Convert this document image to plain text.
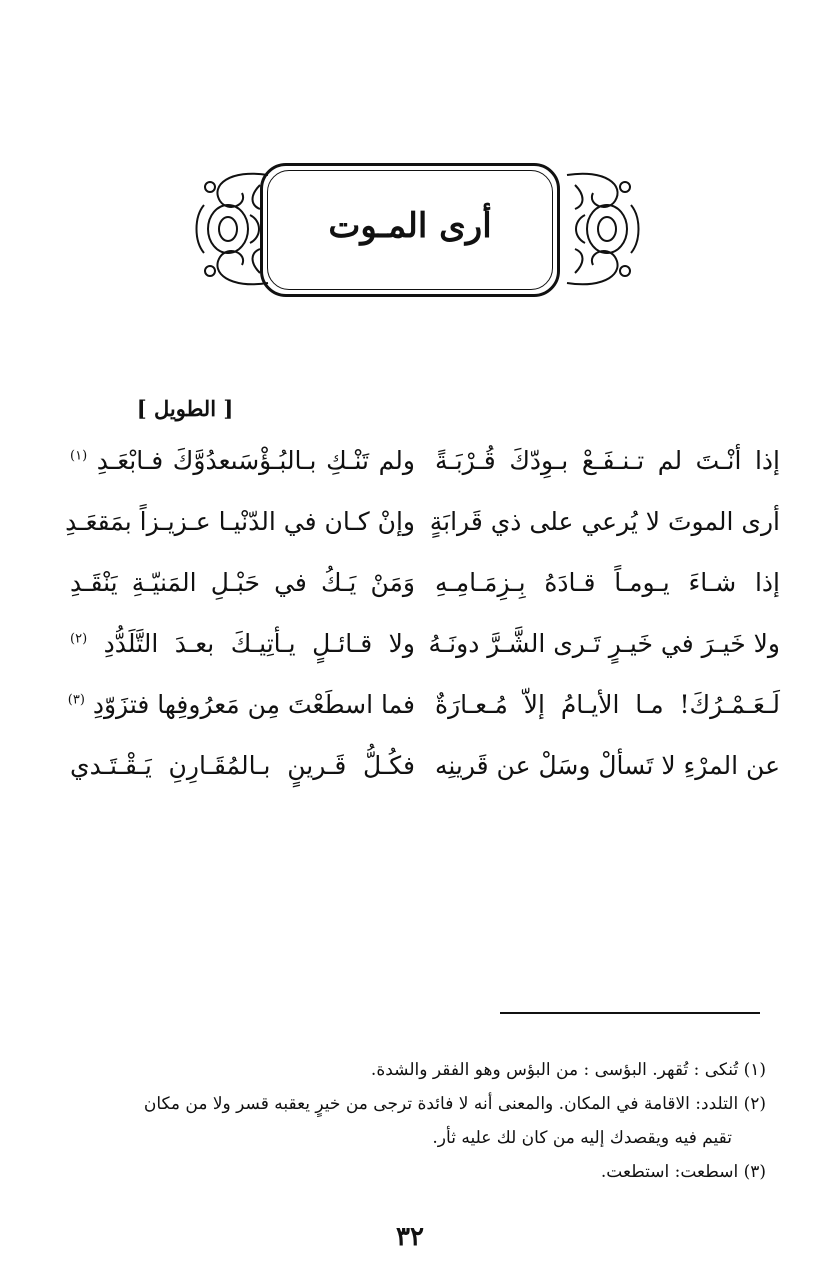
أرى المـوت
[ الطويل ]
إذا أنْـتَ لم تـنـفَـعْ بـوِدّكَ قُـرْبَـةً
ولم تَنْـكِ بـالبُـؤْسَىعدُوَّكَ فـابْعَـدِ $^{(١)}$
أرى الموتَ لا يُرعي على ذي قَرابَةٍ
وإنْ كـان في الدّنْيـا عـزيـزاً بمَقعَـدِ
إذا شـاءَ يـومـاً قـادَهُ بِـزِمَـامِـهِ
وَمَنْ يَـكُ في حَبْـلِ المَنيّـةِ يَنْقَـدِ
ولا خَيـرَ في خَيـرٍ تَـرى الشَّـرَّ دونَـهُ
ولا قـائـلٍ يـأتِيـكَ بعـدَ التَّلَدُّدِ $^{(٢)}$
لَـعَـمْـرُكَ! مـا الأيـامُ إلاّ مُـعـارَةٌ
فما اسطَعْتَ مِن مَعرُوفِها فتزَوّدِ $^{(٣)}$
عن المرْءِ لا تَسألْ وسَلْ عن قَرينِه
فكُـلُّ قَـرينٍ بـالمُقَـارِنِ يَـقْـتَـدي
(١) تُنكى : تُقهر. البؤسى : من البؤس وهو الفقر والشدة.
(٢) التلدد: الاقامة في المكان. والمعنى أنه لا فائدة ترجى من خيرٍ يعقبه قسر ولا من مكان
تقيم فيه ويقصدك إليه من كان لك عليه ثأر.
(٣) اسطعت: استطعت.
٣٢
